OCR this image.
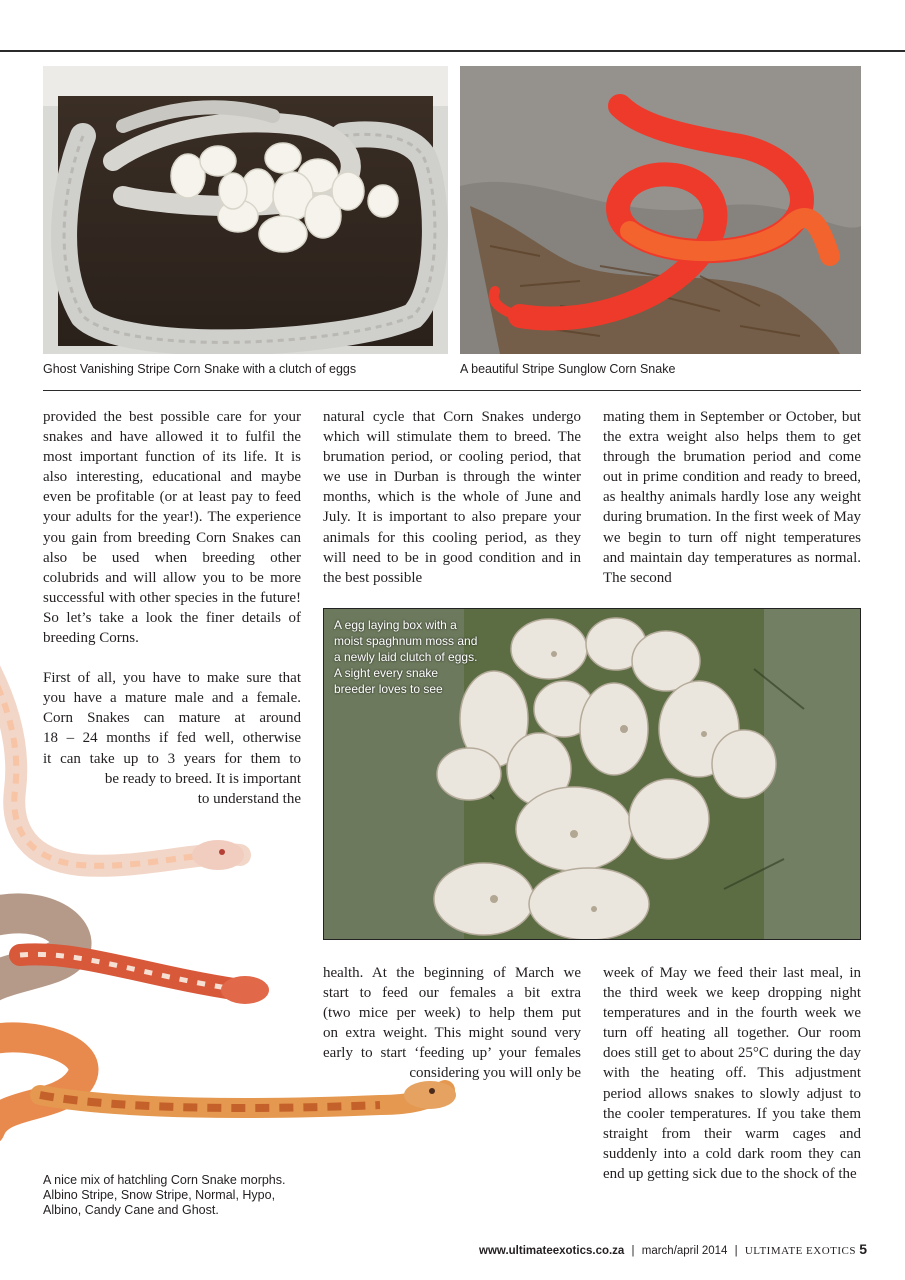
Ghost Vanishing Stripe Corn Snake with a clutch of eggs	A beautiful Stripe Sunglow Corn Snake
A nice mix of hatchling Corn Snake morphs.
Albino Stripe, Snow Stripe, Normal, Hypo,
Albino, Candy Cane and Ghost.

provided the best possible care for your snakes and have allowed it to fulfil the most important function of its life. It is also interesting, educational and maybe even be profitable (or at least pay to feed your adults for the year!). The experience you gain from breeding Corn Snakes can also be used when breeding other colubrids and will allow you to be more successful with other species in the future! So let’s take a look the finer details of breeding Corns.

First of all, you have to make sure that
you have a mature male and a female.
Corn Snakes can mature at around
18 – 24 months if fed well, otherwise
it can take up to 3 years for them to
be ready to breed. It is important
to understand the

natural cycle that Corn Snakes undergo which will stimulate them to breed. The brumation period, or cooling period, that we use in Durban is through the winter months, which is the whole of June and July. It is important to also prepare your animals for this cooling period, as they will need to be in good condition and in the best possible

mating them in September or October, but the extra weight also helps them to get through the brumation period and come out in prime condition and ready to breed, as healthy animals hardly lose any weight during brumation. In the first week of May we begin to turn off night temperatures and maintain day temperatures as normal. The second

A egg laying box with a
moist spaghnum moss and
a newly laid clutch of eggs.
A sight every snake
breeder loves to see
health. At the beginning of March we
start to feed our females a bit extra
(two mice per week) to help them put
on extra weight. This might sound very
early to start ‘feeding up’ your females
considering you will only be

week of May we feed their last meal, in the third week we keep dropping night temperatures and in the fourth week we turn off heating all together. Our room does still get to about 25°C during the day with the heating off. This adjustment period allows snakes to slowly adjust to the cooler temperatures. If you take them straight from their warm cages and suddenly into a cold dark room they can end up getting sick due to the shock of the

www.ultimateexotics.co.za | march/april 2014 | ULTIMATE EXOTICS 5
